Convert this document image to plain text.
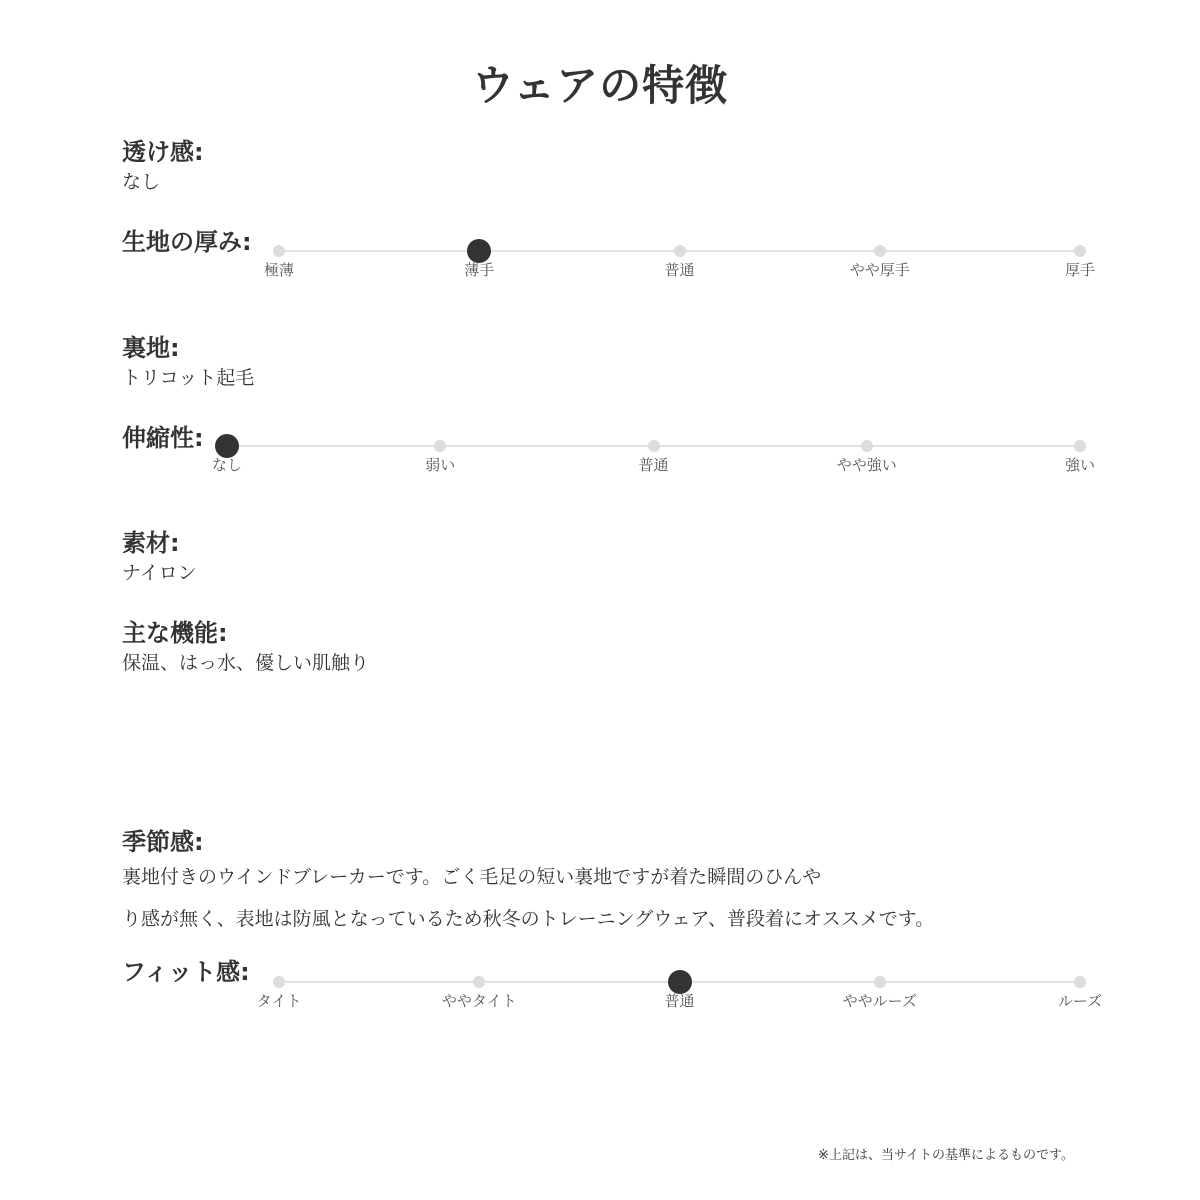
ウェアの特徴
透け感:
なし
生地の厚み:
極薄	薄手	普通	やや厚手	厚手
裏地:
トリコット起毛
伸縮性:
なし	弱い	普通	やや強い	強い
素材:
ナイロン
主な機能:
保温、はっ水、優しい肌触り
季節感:
裏地付きのウインドブレーカーです。ごく毛足の短い裏地ですが着た瞬間のひんや
り感が無く、表地は防風となっているため秋冬のトレーニングウェア、普段着にオススメです。
フィット感:
タイト	ややタイト	普通	ややルーズ	ルーズ
※上記は、当サイトの基準によるものです。
